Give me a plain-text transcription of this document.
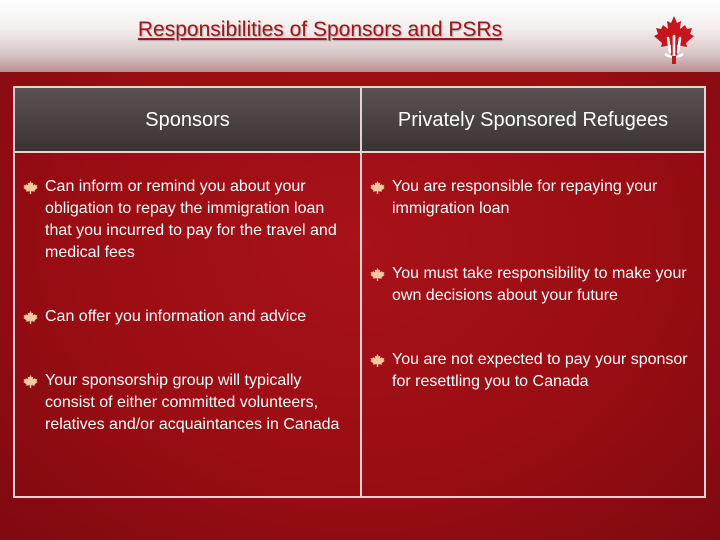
Responsibilities of Sponsors and PSRs
Sponsors	Privately Sponsored Refugees
Can inform or remind you about your obligation to repay the immigration loan that you incurred to pay for the travel and medical fees
Can offer you information and advice
Your sponsorship group will typically consist of either committed volunteers, relatives and/or acquaintances in Canada
You are responsible for repaying your immigration loan
You must take responsibility to make your own decisions about your future
You are not expected to pay your sponsor for resettling you to Canada
